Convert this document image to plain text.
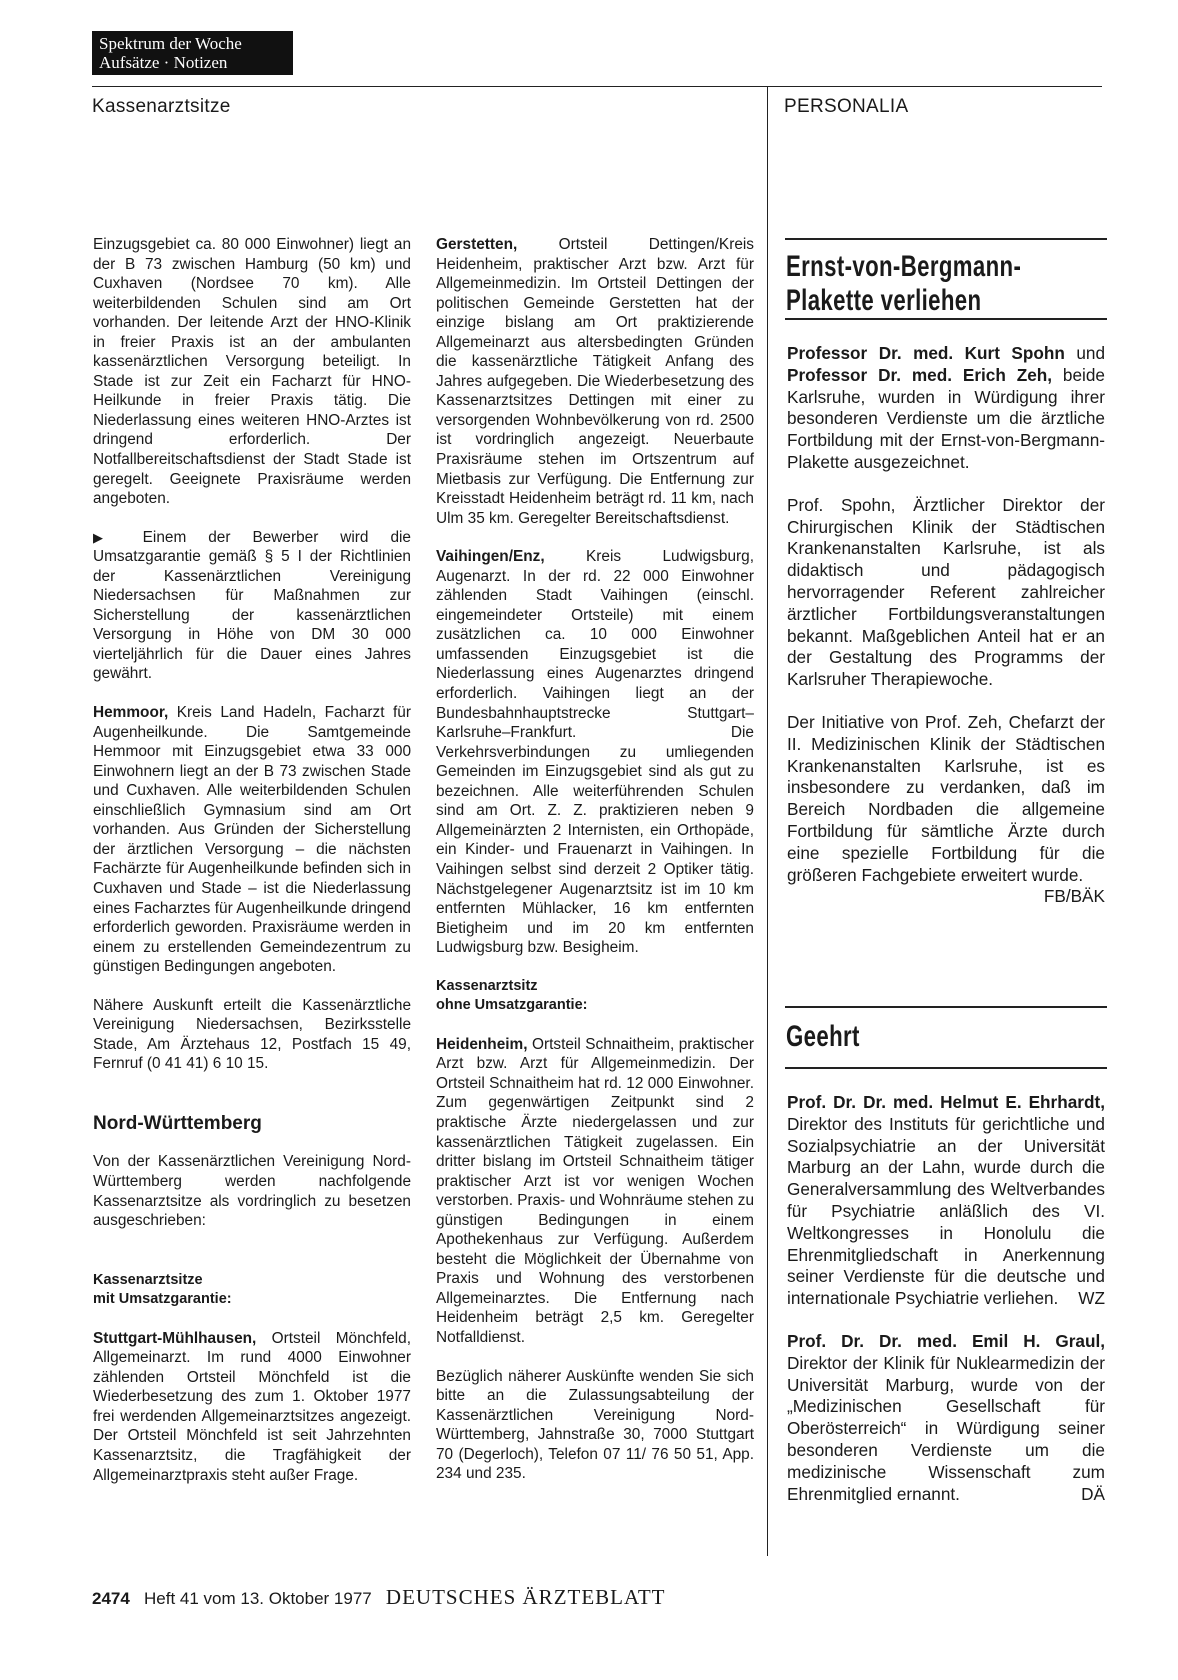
Spektrum der Woche
Aufsätze · Notizen
Kassenarztsitze	PERSONALIA

Einzugsgebiet ca. 80 000 Einwohner) liegt an der B 73 zwischen Hamburg (50 km) und Cuxhaven (Nordsee 70 km). Alle weiterbildenden Schulen sind am Ort vorhanden. Der leitende Arzt der HNO-Klinik in freier Praxis ist an der ambulanten kassenärztlichen Versorgung beteiligt. In Stade ist zur Zeit ein Facharzt für HNO-Heilkunde in freier Praxis tätig. Die Niederlassung eines weiteren HNO-Arztes ist dringend erforderlich. Der Notfallbereitschaftsdienst der Stadt Stade ist geregelt. Geeignete Praxisräume werden angeboten.

▶ Einem der Bewerber wird die Umsatzgarantie gemäß § 5 I der Richtlinien der Kassenärztlichen Vereinigung Niedersachsen für Maßnahmen zur Sicherstellung der kassenärztlichen Versorgung in Höhe von DM 30 000 vierteljährlich für die Dauer eines Jahres gewährt.

Hemmoor, Kreis Land Hadeln, Facharzt für Augenheilkunde. Die Samtgemeinde Hemmoor mit Einzugsgebiet etwa 33 000 Einwohnern liegt an der B 73 zwischen Stade und Cuxhaven. Alle weiterbildenden Schulen einschließlich Gymnasium sind am Ort vorhanden. Aus Gründen der Sicherstellung der ärztlichen Versorgung – die nächsten Fachärzte für Augenheilkunde befinden sich in Cuxhaven und Stade – ist die Niederlassung eines Facharztes für Augenheilkunde dringend erforderlich geworden. Praxisräume werden in einem zu erstellenden Gemeindezentrum zu günstigen Bedingungen angeboten.

Nähere Auskunft erteilt die Kassenärztliche Vereinigung Niedersachsen, Bezirksstelle Stade, Am Ärztehaus 12, Postfach 15 49, Fernruf (0 41 41) 6 10 15.

Nord-Württemberg

Von der Kassenärztlichen Vereinigung Nord-Württemberg werden nachfolgende Kassenarztsitze als vordringlich zu besetzen ausgeschrieben:

Kassenarztsitze
mit Umsatzgarantie:

Stuttgart-Mühlhausen, Ortsteil Mönchfeld, Allgemeinarzt. Im rund 4000 Einwohner zählenden Ortsteil Mönchfeld ist die Wiederbesetzung des zum 1. Oktober 1977 frei werdenden Allgemeinarztsitzes angezeigt. Der Ortsteil Mönchfeld ist seit Jahrzehnten Kassenarztsitz, die Tragfähigkeit der Allgemeinarztpraxis steht außer Frage.

Gerstetten, Ortsteil Dettingen/Kreis Heidenheim, praktischer Arzt bzw. Arzt für Allgemeinmedizin. Im Ortsteil Dettingen der politischen Gemeinde Gerstetten hat der einzige bislang am Ort praktizierende Allgemeinarzt aus altersbedingten Gründen die kassenärztliche Tätigkeit Anfang des Jahres aufgegeben. Die Wiederbesetzung des Kassenarztsitzes Dettingen mit einer zu versorgenden Wohnbevölkerung von rd. 2500 ist vordringlich angezeigt. Neuerbaute Praxisräume stehen im Ortszentrum auf Mietbasis zur Verfügung. Die Entfernung zur Kreisstadt Heidenheim beträgt rd. 11 km, nach Ulm 35 km. Geregelter Bereitschaftsdienst.

Vaihingen/Enz, Kreis Ludwigsburg, Augenarzt. In der rd. 22 000 Einwohner zählenden Stadt Vaihingen (einschl. eingemeindeter Ortsteile) mit einem zusätzlichen ca. 10 000 Einwohner umfassenden Einzugsgebiet ist die Niederlassung eines Augenarztes dringend erforderlich. Vaihingen liegt an der Bundesbahnhauptstrecke Stuttgart–Karlsruhe–Frankfurt. Die Verkehrsverbindungen zu umliegenden Gemeinden im Einzugsgebiet sind als gut zu bezeichnen. Alle weiterführenden Schulen sind am Ort. Z. Z. praktizieren neben 9 Allgemeinärzten 2 Internisten, ein Orthopäde, ein Kinder- und Frauenarzt in Vaihingen. In Vaihingen selbst sind derzeit 2 Optiker tätig. Nächstgelegener Augenarztsitz ist im 10 km entfernten Mühlacker, 16 km entfernten Bietigheim und im 20 km entfernten Ludwigsburg bzw. Besigheim.

Kassenarztsitz
ohne Umsatzgarantie:

Heidenheim, Ortsteil Schnaitheim, praktischer Arzt bzw. Arzt für Allgemeinmedizin. Der Ortsteil Schnaitheim hat rd. 12 000 Einwohner. Zum gegenwärtigen Zeitpunkt sind 2 praktische Ärzte niedergelassen und zur kassenärztlichen Tätigkeit zugelassen. Ein dritter bislang im Ortsteil Schnaitheim tätiger praktischer Arzt ist vor wenigen Wochen verstorben. Praxis- und Wohnräume stehen zu günstigen Bedingungen in einem Apothekenhaus zur Verfügung. Außerdem besteht die Möglichkeit der Übernahme von Praxis und Wohnung des verstorbenen Allgemeinarztes. Die Entfernung nach Heidenheim beträgt 2,5 km. Geregelter Notfalldienst.

Bezüglich näherer Auskünfte wenden Sie sich bitte an die Zulassungsabteilung der Kassenärztlichen Vereinigung Nord-Württemberg, Jahnstraße 30, 7000 Stuttgart 70 (Degerloch), Telefon 07 11/ 76 50 51, App. 234 und 235.

Ernst-von-Bergmann-
Plakette verliehen

Professor Dr. med. Kurt Spohn und Professor Dr. med. Erich Zeh, beide Karlsruhe, wurden in Würdigung ihrer besonderen Verdienste um die ärztliche Fortbildung mit der Ernst-von-Bergmann-Plakette ausgezeichnet.

Prof. Spohn, Ärztlicher Direktor der Chirurgischen Klinik der Städtischen Krankenanstalten Karlsruhe, ist als didaktisch und pädagogisch hervorragender Referent zahlreicher ärztlicher Fortbildungsveranstaltungen bekannt. Maßgeblichen Anteil hat er an der Gestaltung des Programms der Karlsruher Therapiewoche.

Der Initiative von Prof. Zeh, Chefarzt der II. Medizinischen Klinik der Städtischen Krankenanstalten Karlsruhe, ist es insbesondere zu verdanken, daß im Bereich Nordbaden die allgemeine Fortbildung für sämtliche Ärzte durch eine spezielle Fortbildung für die größeren Fachgebiete erweitert wurde.
FB/BÄK

Geehrt

Prof. Dr. Dr. med. Helmut E. Ehrhardt, Direktor des Instituts für gerichtliche und Sozialpsychiatrie an der Universität Marburg an der Lahn, wurde durch die Generalversammlung des Weltverbandes für Psychiatrie anläßlich des VI. Weltkongresses in Honolulu die Ehrenmitgliedschaft in Anerkennung seiner Verdienste für die deutsche und internationale Psychiatrie verliehen. WZ

Prof. Dr. Dr. med. Emil H. Graul, Direktor der Klinik für Nuklearmedizin der Universität Marburg, wurde von der „Medizinischen Gesellschaft für Oberösterreich“ in Würdigung seiner besonderen Verdienste um die medizinische Wissenschaft zum Ehrenmitglied ernannt.	DÄ

2474 Heft 41 vom 13. Oktober 1977 DEUTSCHES ÄRZTEBLATT
